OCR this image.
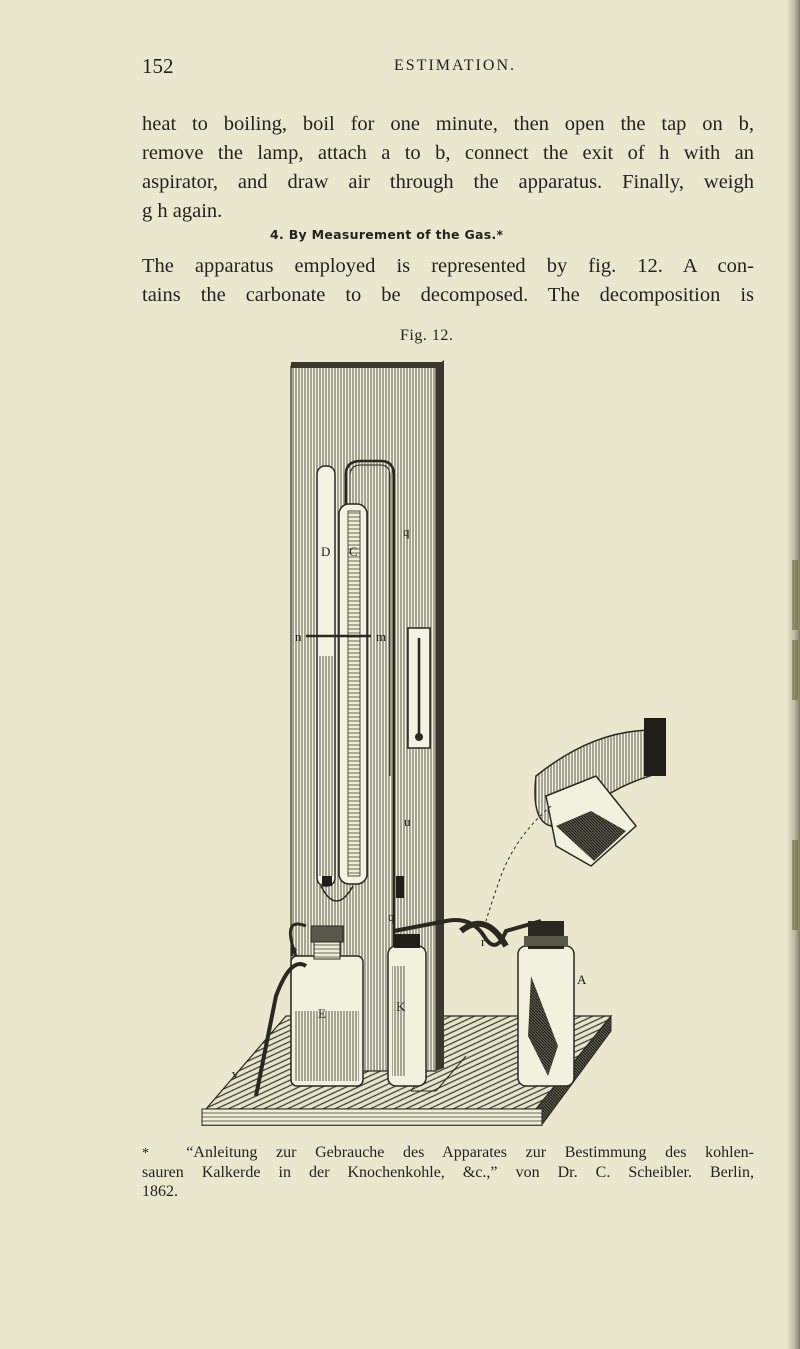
152	ESTIMATION.

heat to boiling, boil for one minute, then open the tap on b,
remove the lamp, attach a to b, connect the exit of h with an
aspirator, and draw air through the apparatus. Finally, weigh
g h again.

4. By Measurement of the Gas.*

The apparatus employed is represented by fig. 12. A con-
tains the carbonate to be decomposed. The decomposition is

Fig. 12.
D C
n	m
q
u
q
P
E	K
r
A
v
* “Anleitung zur Gebrauche des Apparates zur Bestimmung des kohlen-
sauren Kalkerde in der Knochenkohle, &c.,” von Dr. C. Scheibler. Berlin,
1862.
